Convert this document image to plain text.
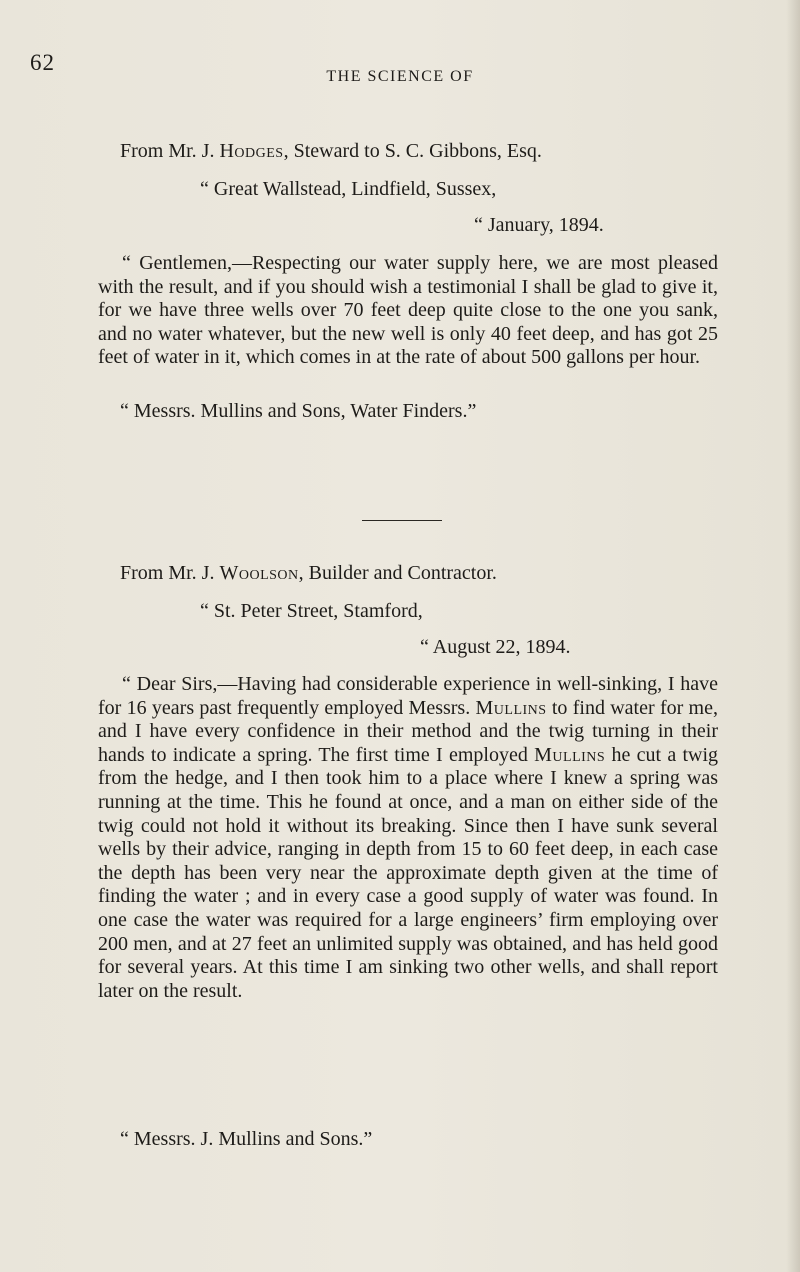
62
THE SCIENCE OF
From Mr. J. Hodges, Steward to S. C. Gibbons, Esq.
“ Great Wallstead, Lindfield, Sussex,
“ January, 1894.

“ Gentlemen,—Respecting our water supply here, we are most pleased with the result, and if you should wish a testimonial I shall be glad to give it, for we have three wells over 70 feet deep quite close to the one you sank, and no water whatever, but the new well is only 40 feet deep, and has got 25 feet of water in it, which comes in at the rate of about 500 gallons per hour.

“ Messrs. Mullins and Sons, Water Finders.”
From Mr. J. Woolson, Builder and Contractor.
“ St. Peter Street, Stamford,
“ August 22, 1894.

“ Dear Sirs,—Having had considerable experience in well-sinking, I have for 16 years past frequently employed Messrs. Mullins to find water for me, and I have every confidence in their method and the twig turning in their hands to indicate a spring. The first time I employed Mullins he cut a twig from the hedge, and I then took him to a place where I knew a spring was running at the time. This he found at once, and a man on either side of the twig could not hold it without its breaking. Since then I have sunk several wells by their advice, ranging in depth from 15 to 60 feet deep, in each case the depth has been very near the approximate depth given at the time of finding the water ; and in every case a good supply of water was found. In one case the water was required for a large engineers’ firm employing over 200 men, and at 27 feet an unlimited supply was obtained, and has held good for several years. At this time I am sinking two other wells, and shall report later on the result.

“ Messrs. J. Mullins and Sons.”
